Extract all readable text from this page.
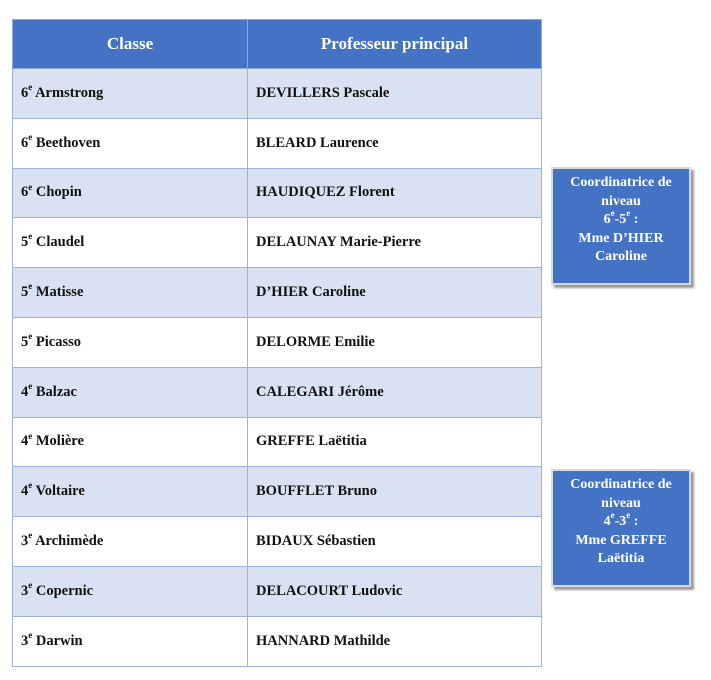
Classe	Professeur principal
6e Armstrong	DEVILLERS Pascale
6e Beethoven	BLEARD Laurence
6e Chopin	HAUDIQUEZ Florent
5e Claudel	DELAUNAY Marie-Pierre
5e Matisse	D’HIER Caroline
5e Picasso	DELORME Emilie
4e Balzac	CALEGARI Jérôme
4e Molière	GREFFE Laëtitia
4e Voltaire	BOUFFLET Bruno
3e Archimède	BIDAUX Sébastien
3e Copernic	DELACOURT Ludovic
3e Darwin	HANNARD Mathilde
Coordinatrice de
niveau
6e-5e :
Mme D’HIER
Caroline
Coordinatrice de
niveau
4e-3e :
Mme GREFFE
Laëtitia
